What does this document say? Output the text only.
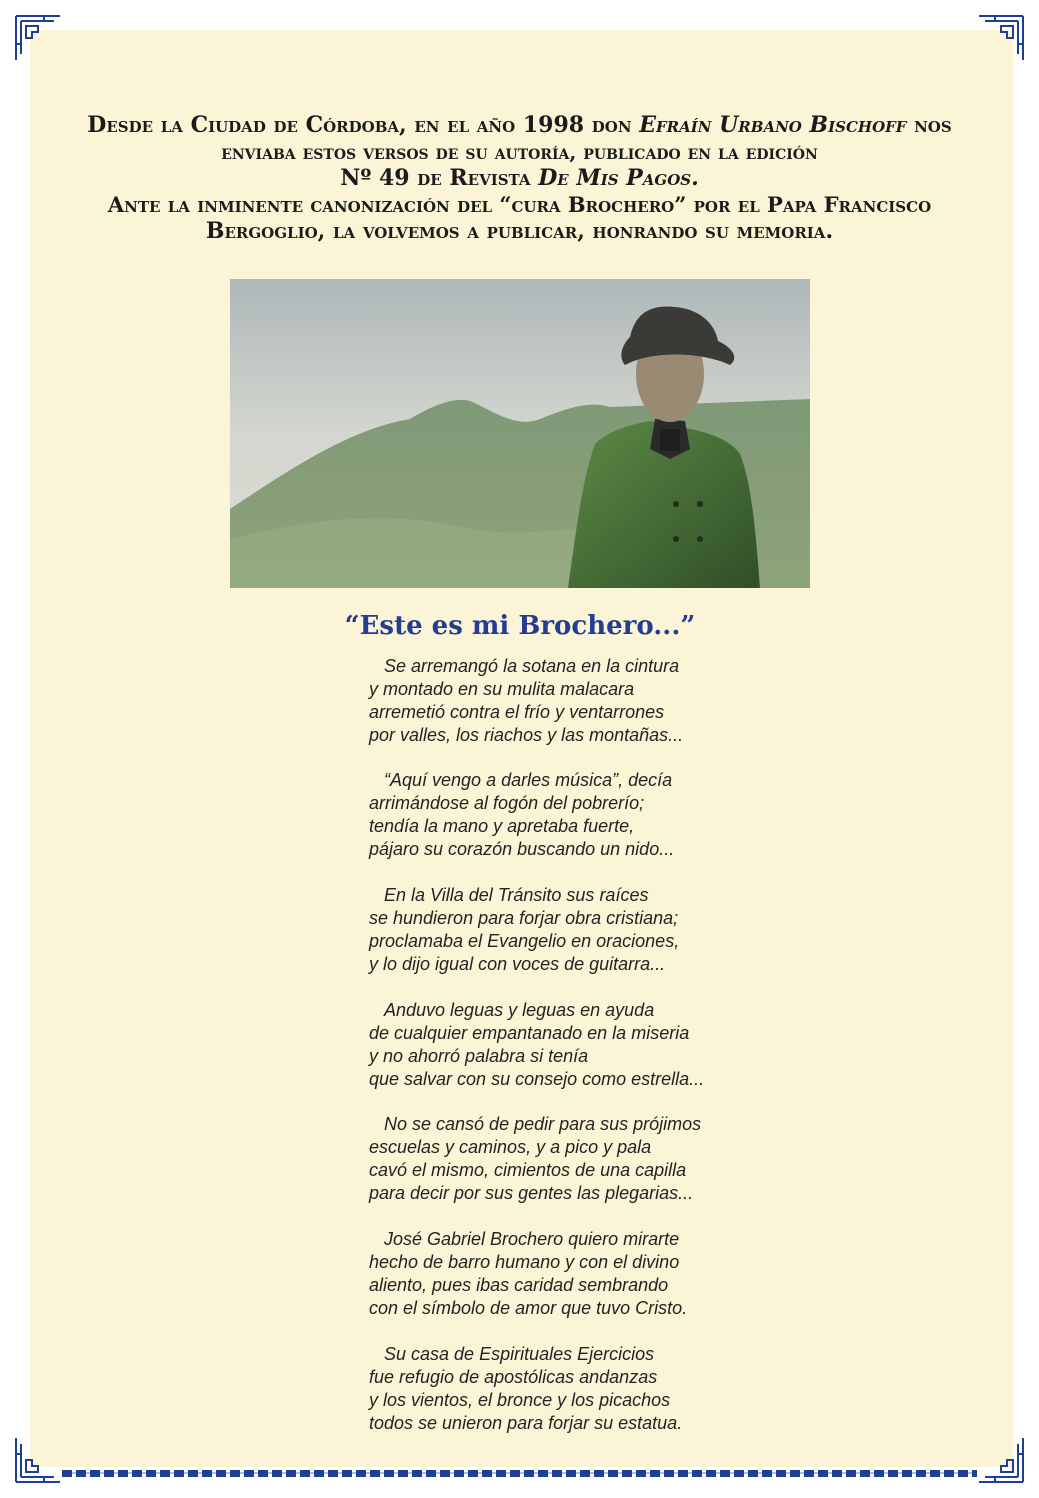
Desde la Ciudad de Córdoba, en el año 1998 don Efraín Urbano Bischoff nos
enviaba estos versos de su autoría, publicado en la edición
Nº 49 de Revista De Mis Pagos.
Ante la inminente canonización del “cura Brochero” por el Papa Francisco
Bergoglio, la volvemos a publicar, honrando su memoria.
“Este es mi Brochero...”
Se arremangó la sotana en la cintura
y montado en su mulita malacara
arremetió contra el frío y ventarrones
por valles, los riachos y las montañas...
“Aquí vengo a darles música”, decía
arrimándose al fogón del pobrerío;
tendía la mano y apretaba fuerte,
pájaro su corazón buscando un nido...
En la Villa del Tránsito sus raíces
se hundieron para forjar obra cristiana;
proclamaba el Evangelio en oraciones,
y lo dijo igual con voces de guitarra...
Anduvo leguas y leguas en ayuda
de cualquier empantanado en la miseria
y no ahorró palabra si tenía
que salvar con su consejo como estrella...
No se cansó de pedir para sus prójimos
escuelas y caminos, y a pico y pala
cavó el mismo, cimientos de una capilla
para decir por sus gentes las plegarias...
José Gabriel Brochero quiero mirarte
hecho de barro humano y con el divino
aliento, pues ibas caridad sembrando
con el símbolo de amor que tuvo Cristo.
Su casa de Espirituales Ejercicios
fue refugio de apostólicas andanzas
y los vientos, el bronce y los picachos
todos se unieron para forjar su estatua.
